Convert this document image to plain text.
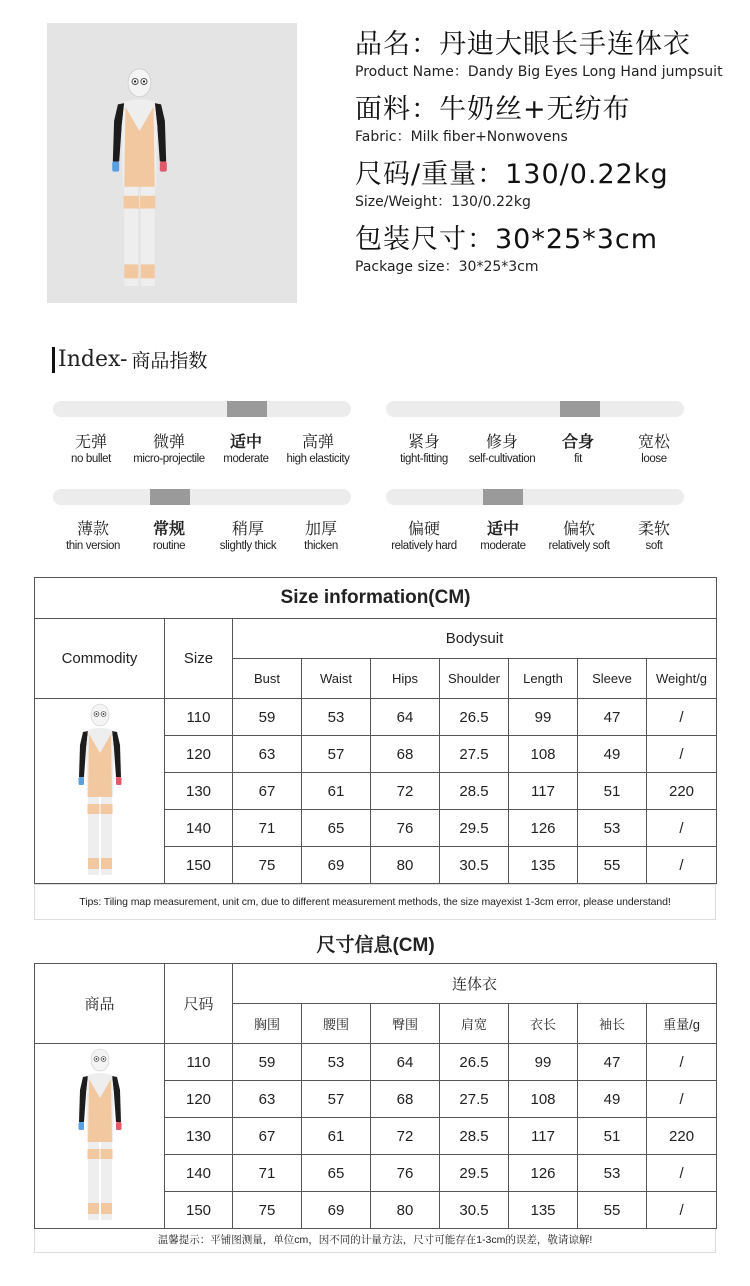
品名：丹迪大眼长手连体衣
Product Name：Dandy Big Eyes Long Hand jumpsuit
面料：牛奶丝+无纺布
Fabric：Milk fiber+Nonwovens
尺码/重量：130/0.22kg
Size/Weight：130/0.22kg
包装尺寸：30*25*3cm
Package size：30*25*3cm
Index- 商品指数
无弹
no bullet
微弹
micro-projectile
适中
moderate
高弹
high elasticity
紧身
tight-fitting
修身
self-cultivation
合身
fit
宽松
loose
薄款
thin version
常规
routine
稍厚
slightly thick
加厚
thicken
偏硬
relatively hard
适中
moderate
偏软
relatively soft
柔软
soft
Size information(CM)								
Commodity	Size	Bodysuit						
		Bust	Waist	Hips	Shoulder	Length	Sleeve	Weight/g

	110	59	53	64	26.5	99	47	/
	120	63	57	68	27.5	108	49	/
	130	67	61	72	28.5	117	51	220
	140	71	65	76	29.5	126	53	/
	150	75	69	80	30.5	135	55	/
Tips: Tiling map measurement, unit cm, due to different measurement methods, the size mayexist 1-3cm error, please understand!
尺寸信息(CM)								
商品	尺码	连体衣						
		胸围	腰围	臀围	肩宽	衣长	袖长	重量/g

	110	59	53	64	26.5	99	47	/
	120	63	57	68	27.5	108	49	/
	130	67	61	72	28.5	117	51	220
	140	71	65	76	29.5	126	53	/
	150	75	69	80	30.5	135	55	/
温馨提示：平铺图测量，单位cm，因不同的计量方法，尺寸可能存在1-3cm的误差，敬请谅解!
